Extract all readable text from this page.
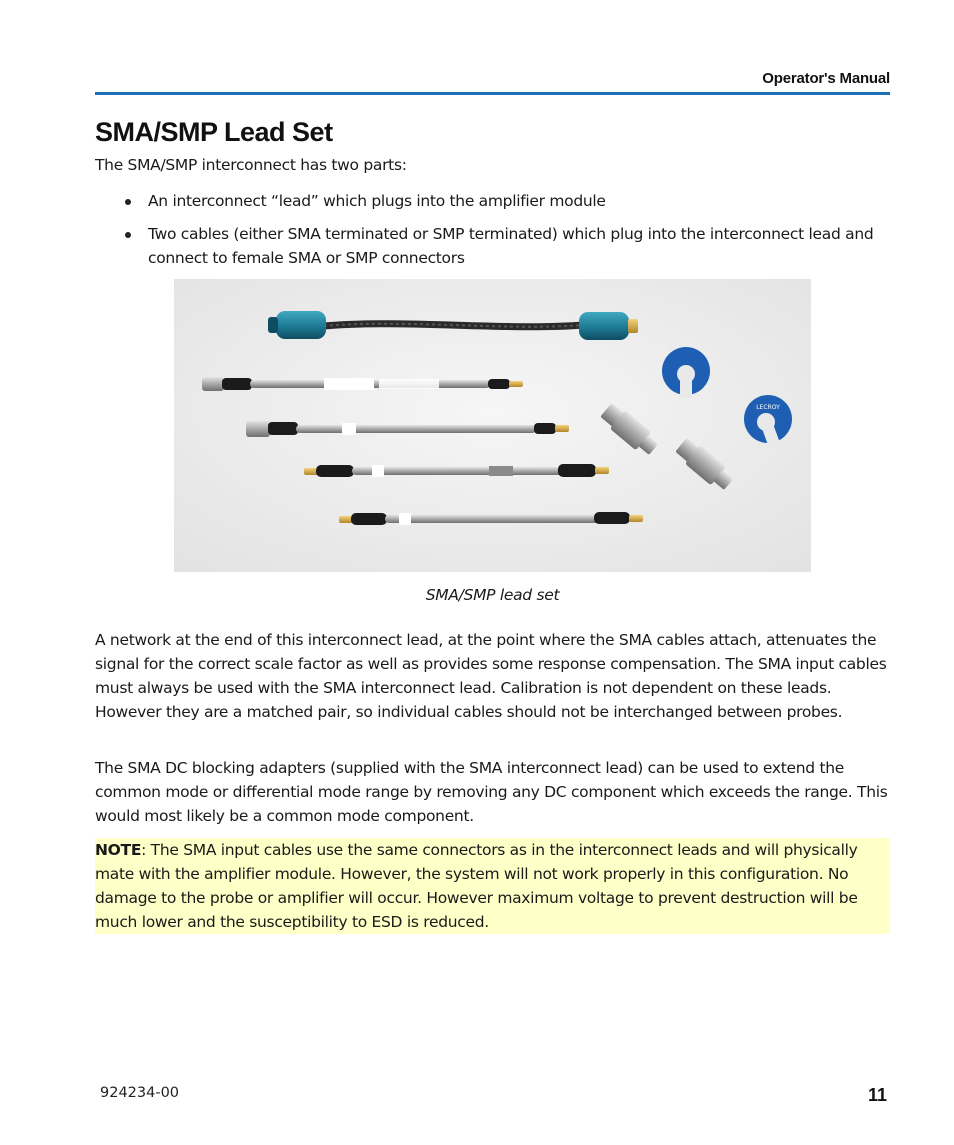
Operator's Manual
SMA/SMP Lead Set

The SMA/SMP interconnect has two parts:

An interconnect “lead” which plugs into the amplifier module
Two cables (either SMA terminated or SMP terminated) which plug into the interconnect lead and connect to female SMA or SMP connectors
LECROY

SMA/SMP lead set

A network at the end of this interconnect lead, at the point where the SMA cables attach, attenuates the signal for the correct scale factor as well as provides some response compensation. The SMA input cables must always be used with the SMA interconnect lead. Calibration is not dependent on these leads. However they are a matched pair, so individual cables should not be interchanged between probes.

The SMA DC blocking adapters (supplied with the SMA interconnect lead) can be used to extend the common mode or differential mode range by removing any DC component which exceeds the range. This would most likely be a common mode component.

NOTE: The SMA input cables use the same connectors as in the interconnect leads and will physically mate with the amplifier module. However, the system will not work properly in this configuration. No damage to the probe or amplifier will occur. However maximum voltage to prevent destruction will be much lower and the susceptibility to ESD is reduced.

924234-00	11
